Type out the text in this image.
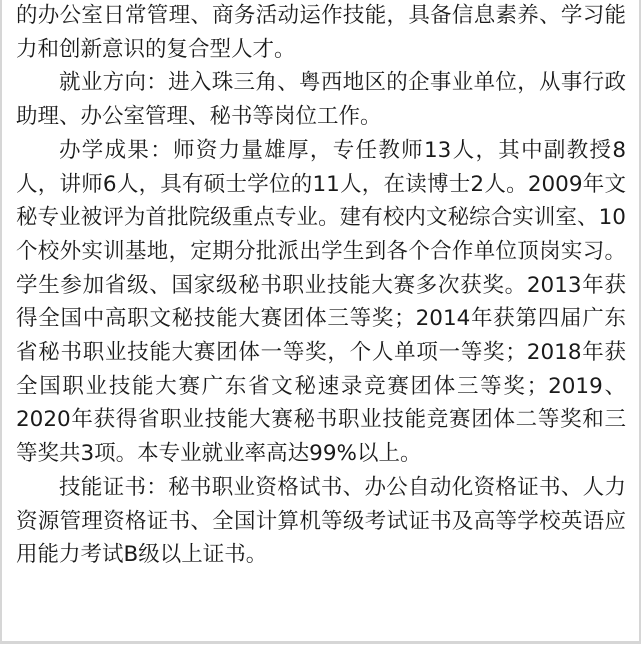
的办公室日常管理、商务活动运作技能，具备信息素养、学习能力和创新意识的复合型人才。

就业方向：进入珠三角、粤西地区的企事业单位，从事行政助理、办公室管理、秘书等岗位工作。

办学成果：师资力量雄厚，专任教师13人，其中副教授8人，讲师6人，具有硕士学位的11人，在读博士2人。2009年文秘专业被评为首批院级重点专业。建有校内文秘综合实训室、10个校外实训基地，定期分批派出学生到各个合作单位顶岗实习。学生参加省级、国家级秘书职业技能大赛多次获奖。2013年获得全国中高职文秘技能大赛团体三等奖；2014年获第四届广东省秘书职业技能大赛团体一等奖，个人单项一等奖；2018年获全国职业技能大赛广东省文秘速录竞赛团体三等奖；2019、2020年获得省职业技能大赛秘书职业技能竞赛团体二等奖和三等奖共3项。本专业就业率高达99%以上。

技能证书：秘书职业资格试书、办公自动化资格证书、人力资源管理资格证书、全国计算机等级考试证书及高等学校英语应用能力考试B级以上证书。
